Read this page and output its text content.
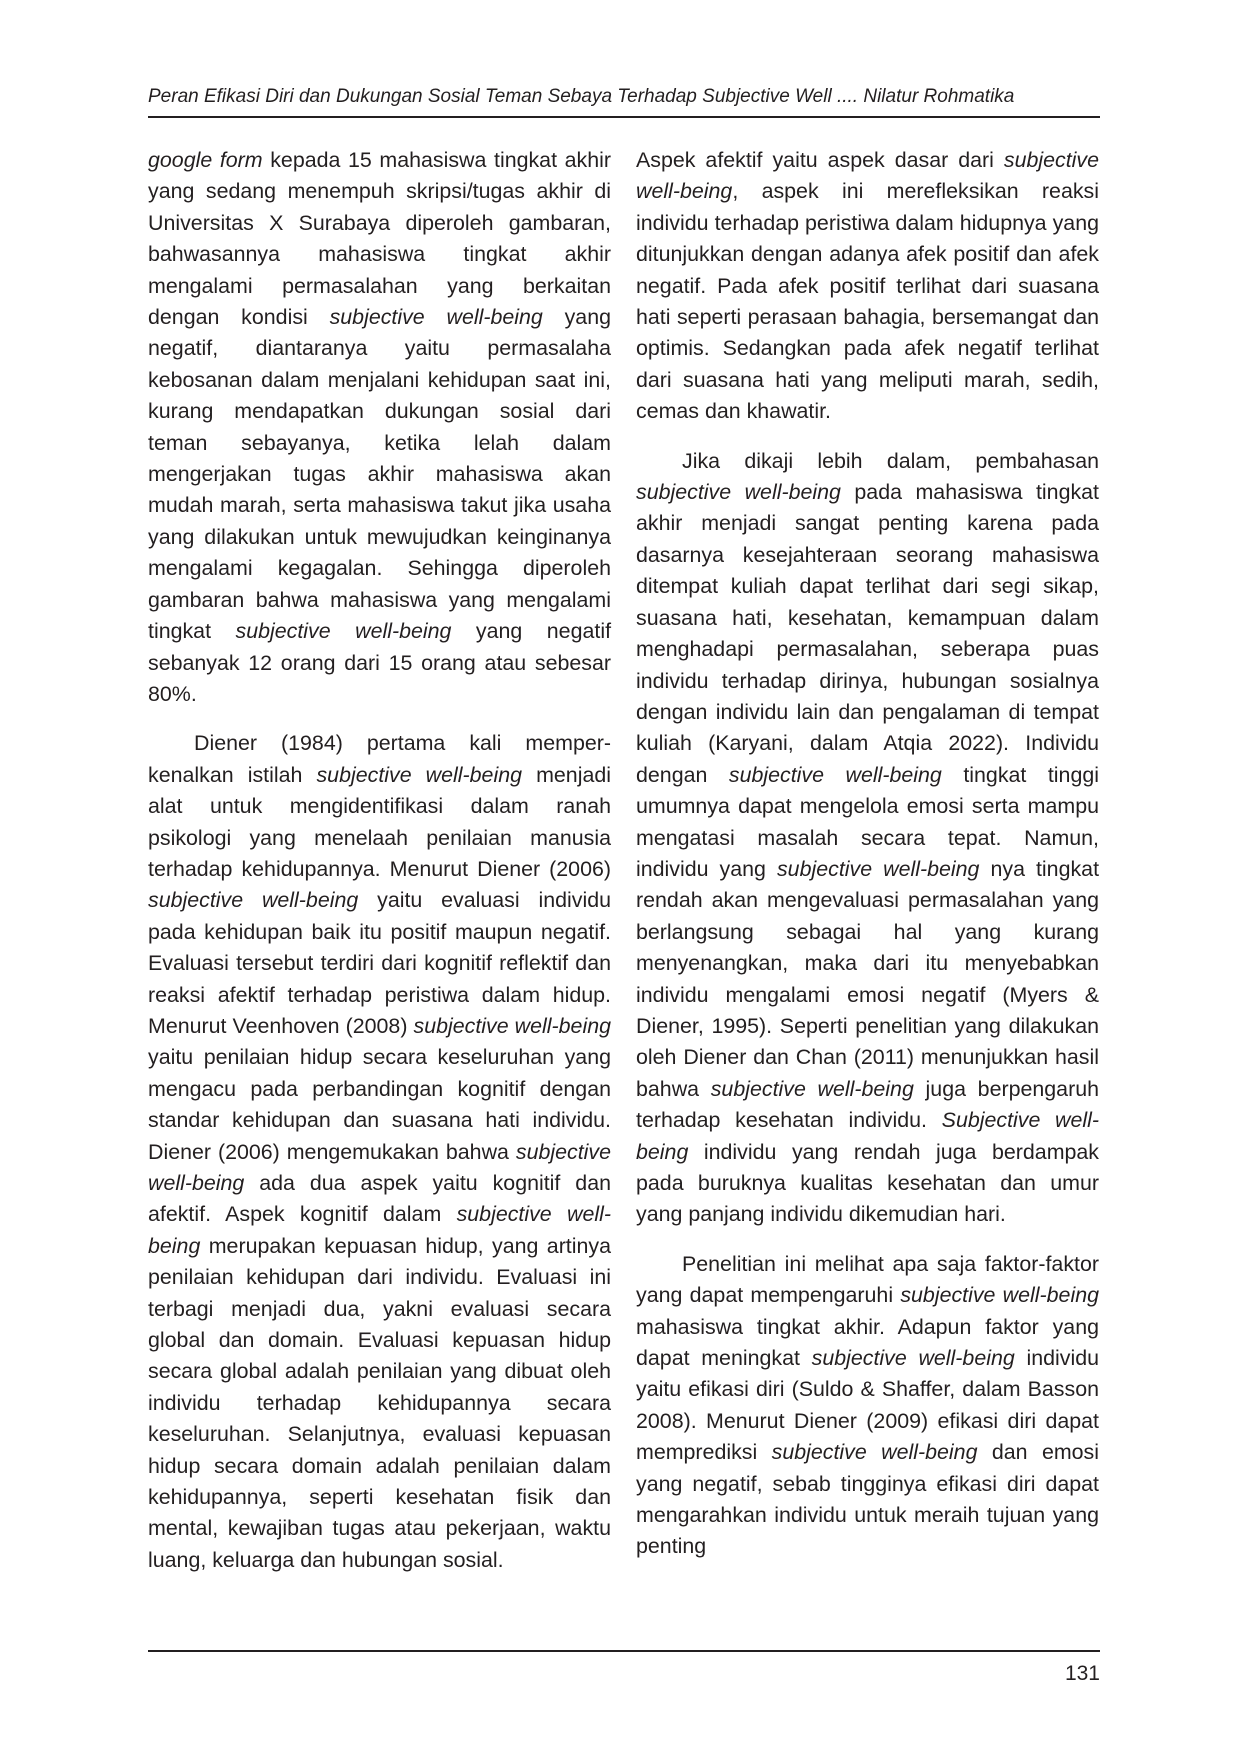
Peran Efikasi Diri dan Dukungan Sosial Teman Sebaya Terhadap Subjective Well .... Nilatur Rohmatika

google form kepada 15 mahasiswa tingkat akhir yang sedang menempuh skripsi/tugas akhir di Universitas X Surabaya diperoleh gambaran, bahwasannya mahasiswa tingkat akhir mengalami permasalahan yang berkaitan dengan kondisi subjective well-being yang negatif, diantaranya yaitu permasalaha kebosanan dalam menjalani kehidupan saat ini, kurang mendapatkan dukungan sosial dari teman sebayanya, ketika lelah dalam mengerjakan tugas akhir mahasiswa akan mudah marah, serta mahasiswa takut jika usaha yang dilakukan untuk mewujudkan keinginanya mengalami kegagalan. Sehingga diperoleh gambaran bahwa mahasiswa yang mengalami tingkat subjective well-being yang negatif sebanyak 12 orang dari 15 orang atau sebesar 80%.

Diener (1984) pertama kali memper-kenalkan istilah subjective well-being menjadi alat untuk mengidentifikasi dalam ranah psikologi yang menelaah penilaian manusia terhadap kehidupannya. Menurut Diener (2006) subjective well-being yaitu evaluasi individu pada kehidupan baik itu positif maupun negatif. Evaluasi tersebut terdiri dari kognitif reflektif dan reaksi afektif terhadap peristiwa dalam hidup. Menurut Veenhoven (2008) subjective well-being yaitu penilaian hidup secara keseluruhan yang mengacu pada perbandingan kognitif dengan standar kehidupan dan suasana hati individu. Diener (2006) mengemukakan bahwa subjective well-being ada dua aspek yaitu kognitif dan afektif. Aspek kognitif dalam subjective well-being merupakan kepuasan hidup, yang artinya penilaian kehidupan dari individu. Evaluasi ini terbagi menjadi dua, yakni evaluasi secara global dan domain. Evaluasi kepuasan hidup secara global adalah penilaian yang dibuat oleh individu terhadap kehidupannya secara keseluruhan. Selanjutnya, evaluasi kepuasan hidup secara domain adalah penilaian dalam kehidupannya, seperti kesehatan fisik dan mental, kewajiban tugas atau pekerjaan, waktu luang, keluarga dan hubungan sosial.

Aspek afektif yaitu aspek dasar dari subjective well-being, aspek ini merefleksikan reaksi individu terhadap peristiwa dalam hidupnya yang ditunjukkan dengan adanya afek positif dan afek negatif. Pada afek positif terlihat dari suasana hati seperti perasaan bahagia, bersemangat dan optimis. Sedangkan pada afek negatif terlihat dari suasana hati yang meliputi marah, sedih, cemas dan khawatir.

Jika dikaji lebih dalam, pembahasan subjective well-being pada mahasiswa tingkat akhir menjadi sangat penting karena pada dasarnya kesejahteraan seorang mahasiswa ditempat kuliah dapat terlihat dari segi sikap, suasana hati, kesehatan, kemampuan dalam menghadapi permasalahan, seberapa puas individu terhadap dirinya, hubungan sosialnya dengan individu lain dan pengalaman di tempat kuliah (Karyani, dalam Atqia 2022). Individu dengan subjective well-being tingkat tinggi umumnya dapat mengelola emosi serta mampu mengatasi masalah secara tepat. Namun, individu yang subjective well-being nya tingkat rendah akan mengevaluasi permasalahan yang berlangsung sebagai hal yang kurang menyenangkan, maka dari itu menyebabkan individu mengalami emosi negatif (Myers & Diener, 1995). Seperti penelitian yang dilakukan oleh Diener dan Chan (2011) menunjukkan hasil bahwa subjective well-being juga berpengaruh terhadap kesehatan individu. Subjective well-being individu yang rendah juga berdampak pada buruknya kualitas kesehatan dan umur yang panjang individu dikemudian hari.

Penelitian ini melihat apa saja faktor-faktor yang dapat mempengaruhi subjective well-being mahasiswa tingkat akhir. Adapun faktor yang dapat meningkat subjective well-being individu yaitu efikasi diri (Suldo & Shaffer, dalam Basson 2008). Menurut Diener (2009) efikasi diri dapat memprediksi subjective well-being dan emosi yang negatif, sebab tingginya efikasi diri dapat mengarahkan individu untuk meraih tujuan yang penting

131
